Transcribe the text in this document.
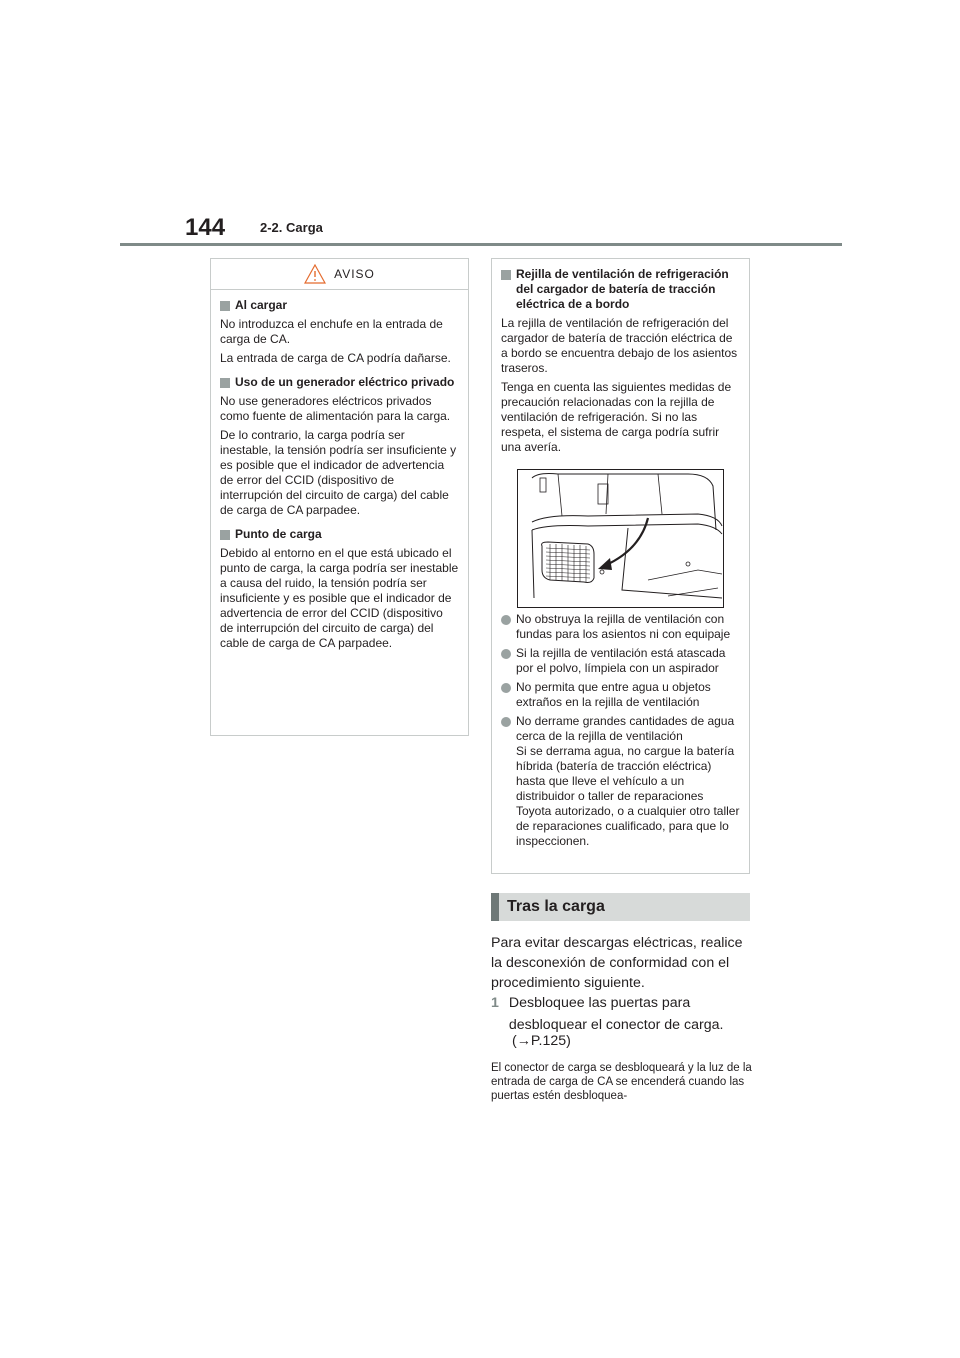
144	2-2. Carga
AVISO
Al cargar

No introduzca el enchufe en la entrada de carga de CA.

La entrada de carga de CA podría dañarse.

Uso de un generador eléctrico privado

No use generadores eléctricos privados como fuente de alimentación para la carga.

De lo contrario, la carga podría ser inestable, la tensión podría ser insuficiente y es posible que el indicador de advertencia de error del CCID (dispositivo de interrupción del circuito de carga) del cable de carga de CA parpadee.

Punto de carga

Debido al entorno en el que está ubicado el punto de carga, la carga podría ser inestable a causa del ruido, la tensión podría ser insuficiente y es posible que el indicador de advertencia de error del CCID (dispositivo de interrupción del circuito de carga) del cable de carga de CA parpadee.

Rejilla de ventilación de refrigeración del cargador de batería de tracción eléctrica de a bordo

La rejilla de ventilación de refrigeración del cargador de batería de tracción eléctrica de a bordo se encuentra debajo de los asientos traseros.

Tenga en cuenta las siguientes medidas de precaución relacionadas con la rejilla de ventilación de refrigeración. Si no las respeta, el sistema de carga podría sufrir una avería.

No obstruya la rejilla de ventilación con fundas para los asientos ni con equipaje
Si la rejilla de ventilación está atascada por el polvo, límpiela con un aspirador
No permita que entre agua u objetos extraños en la rejilla de ventilación
No derrame grandes cantidades de agua cerca de la rejilla de ventilación
Si se derrama agua, no cargue la batería híbrida (batería de tracción eléctrica) hasta que lleve el vehículo a un distribuidor o taller de reparaciones Toyota autorizado, o a cualquier otro taller de reparaciones cualificado, para que lo inspeccionen.
Tras la carga
Para evitar descargas eléctricas, realice la desconexión de conformidad con el procedimiento siguiente.
1 Desbloquee las puertas para desbloquear el conector de carga.
(→P.125)
El conector de carga se desbloqueará y la luz de la entrada de carga de CA se encenderá cuando las puertas estén desbloquea-
